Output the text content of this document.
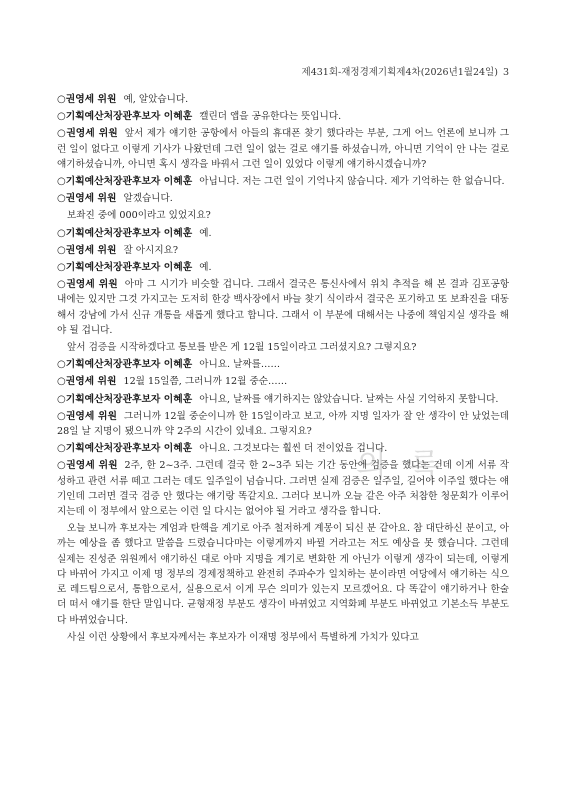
제431회-재정경제기획제4차(2026년1월24일) 3
의 록
○권영세 위원 예, 알았습니다.
○기획예산처장관후보자 이혜훈 캘린더 앱을 공유한다는 뜻입니다.
○권영세 위원 앞서 제가 얘기한 공항에서 아들의 휴대폰 찾기 했다라는 부분, 그게 어느 언론에 보니까 그런 일이 없다고 이렇게 기사가 나왔던데 그런 일이 없는 걸로 얘기를 하셨습니까, 아니면 기억이 안 나는 걸로 얘기하셨습니까, 아니면 혹시 생각을 바꿔서 그런 일이 있었다 이렇게 얘기하시겠습니까?
○기획예산처장관후보자 이혜훈 아닙니다. 저는 그런 일이 기억나지 않습니다. 제가 기억하는 한 없습니다.
○권영세 위원 알겠습니다.
보좌진 중에 000이라고 있었지요?
○기획예산처장관후보자 이혜훈 예.
○권영세 위원 잘 아시지요?
○기획예산처장관후보자 이혜훈 예.
○권영세 위원 아마 그 시기가 비슷할 겁니다. 그래서 결국은 통신사에서 위치 추적을 해 본 결과 김포공항 내에는 있지만 그것 가지고는 도저히 한강 백사장에서 바늘 찾기 식이라서 결국은 포기하고 또 보좌진을 대동해서 강남에 가서 신규 개통을 새롭게 했다고 합니다. 그래서 이 부분에 대해서는 나중에 책임지실 생각을 해야 될 겁니다.
앞서 검증을 시작하겠다고 통보를 받은 게 12월 15일이라고 그러셨지요? 그렇지요?
○기획예산처장관후보자 이혜훈 아니요. 날짜를……
○권영세 위원 12월 15일쯤, 그러니까 12월 중순……
○기획예산처장관후보자 이혜훈 아니요, 날짜를 얘기하지는 않았습니다. 날짜는 사실 기억하지 못합니다.
○권영세 위원 그러니까 12월 중순이니까 한 15일이라고 보고, 아까 지명 일자가 잘 안 생각이 안 났었는데 28일 날 지명이 됐으니까 약 2주의 시간이 있네요. 그렇지요?
○기획예산처장관후보자 이혜훈 아니요. 그것보다는 훨씬 더 전이었을 겁니다.
○권영세 위원 2주, 한 2~3주. 그런데 결국 한 2~3주 되는 기간 동안에 검증을 했다는 건데 이게 서류 작성하고 관련 서류 떼고 그러는 데도 일주일이 넘습니다. 그러면 실제 검증은 일주일, 길어야 이주일 했다는 얘기인데 그러면 결국 검증 안 했다는 얘기랑 똑같지요. 그러다 보니까 오늘 같은 아주 처참한 청문회가 이루어지는데 이 정부에서 앞으로는 이런 일 다시는 없어야 될 거라고 생각을 합니다.
오늘 보니까 후보자는 계엄과 탄핵을 계기로 아주 철저하게 계몽이 되신 분 같아요. 참 대단하신 분이고, 아까는 예상을 좀 했다고 말씀을 드렸습니다마는 이렇게까지 바뀔 거라고는 저도 예상을 못 했습니다. 그런데 실제는 진성준 위원께서 얘기하신 대로 아마 지명을 계기로 변화한 게 아닌가 이렇게 생각이 되는데, 이렇게 다 바뀌어 가지고 이제 명 정부의 경제정책하고 완전히 주파수가 일치하는 분이라면 여당에서 얘기하는 식으로 레드팀으로서, 통합으로서, 실용으로서 이게 무슨 의미가 있는지 모르겠어요. 다 똑같이 얘기하거나 한술 더 떠서 얘기를 한단 말입니다. 균형재정 부분도 생각이 바뀌었고 지역화폐 부분도 바뀌었고 기본소득 부분도 다 바뀌었습니다.
사실 이런 상황에서 후보자께서는 후보자가 이재명 정부에서 특별하게 가치가 있다고
